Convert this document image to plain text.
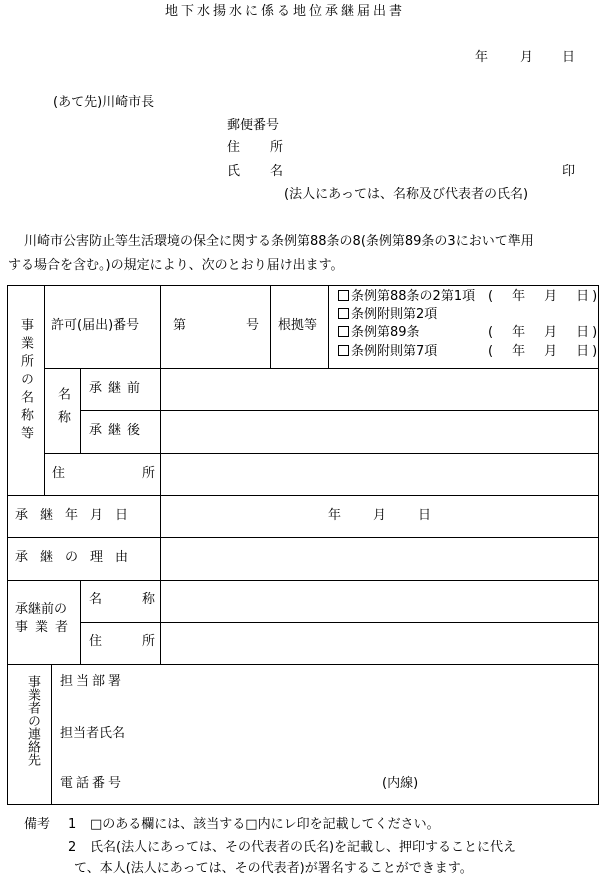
地下水揚水に係る地位承継届出書
年 月 日
(あて先)川崎市長
郵便番号
住 所
氏 名	印
(法人にあっては、名称及び代表者の氏名)
川崎市公害防止等生活環境の保全に関する条例第88条の8(条例第89条の3において準用
する場合を含む。)の規定により、次のとおり届け出ます。
事業所の名称等 許可(届出)番号	第	号 根拠等
条例第88条の2第1項 (　年　月　日)
条例附則第2項
条例第89条	(　年　月　日)
条例附則第7項	(　年　月　日)
名称 承継前
承継後
住	所
承継年月日	年 月 日
承継の理由
承継前の
事業者
名	称
住	所
事業者の連絡先 担当部署
担当者氏名
電話番号	(内線)
備考 1 □のある欄には、該当する□内にレ印を記載してください。
2 氏名(法人にあっては、その代表者の氏名)を記載し、押印することに代え
て、本人(法人にあっては、その代表者)が署名することができます。
